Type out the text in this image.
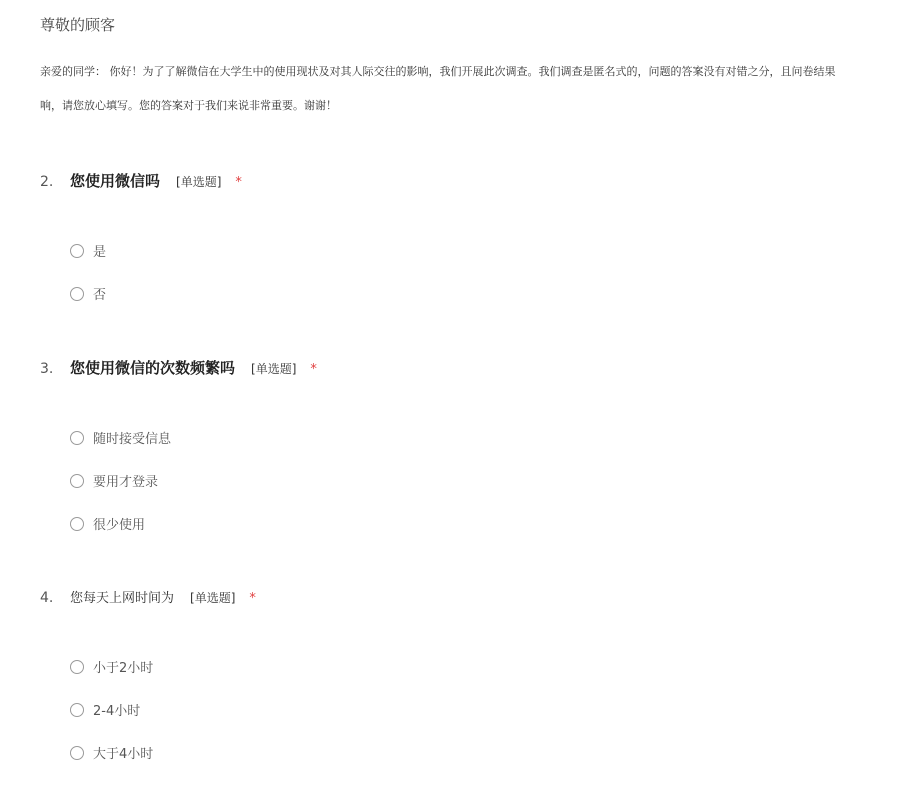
尊敬的顾客
亲爱的同学： 你好！为了了解微信在大学生中的使用现状及对其人际交往的影响，我们开展此次调查。我们调查是匿名式的，问题的答案没有对错之分，且问卷结果
响，请您放心填写。您的答案对于我们来说非常重要。谢谢！
2.	您使用微信吗 [单选题] *
是
否
3.	您使用微信的次数频繁吗 [单选题] *
随时接受信息
要用才登录
很少使用
4.	您每天上网时间为 [单选题] *
小于2小时
2-4小时
大于4小时
